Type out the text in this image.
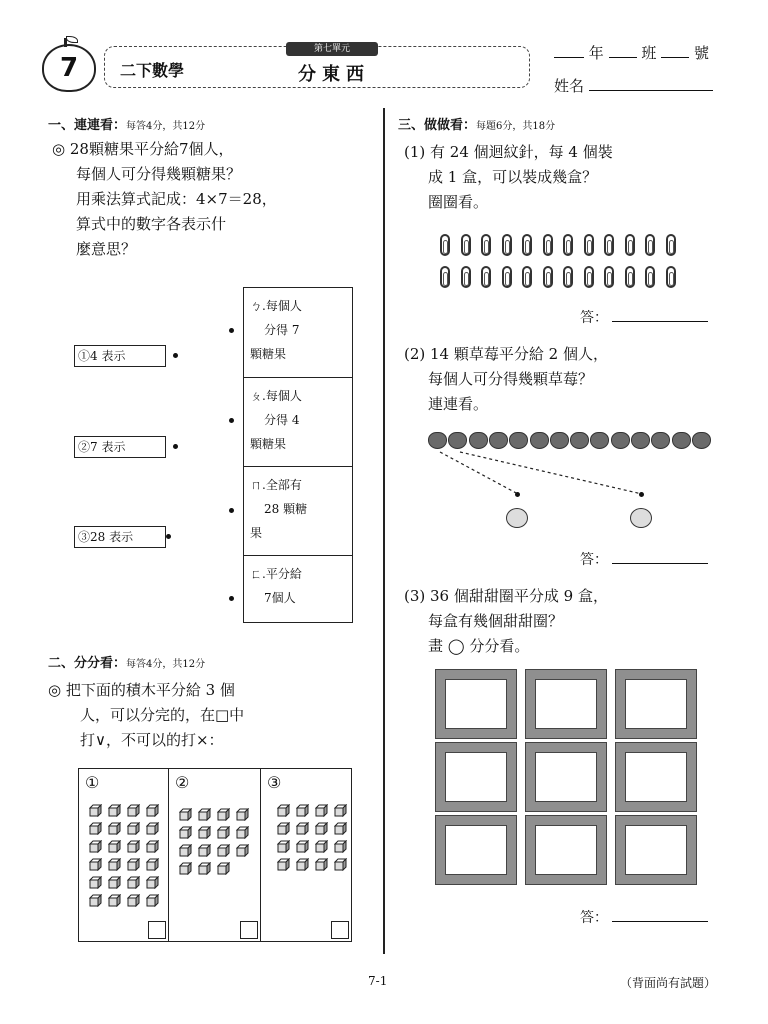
7
第七單元
二下數學	分東西
年	班	號
姓名
一、連連看：每答4分，共12分
◎ 28顆糖果平分給7個人，
每個人可分得幾顆糖果？
用乘法算式記成：4×7＝28，
算式中的數字各表示什
麼意思？
①4 表示
②7 表示
③28 表示
ㄅ.每個人
分得 7
顆糖果
ㄆ.每個人
分得 4
顆糖果
ㄇ.全部有
28 顆糖
果
ㄈ.平分給
7個人
二、分分看：每答4分，共12分
◎ 把下面的積木平分給 3 個
人，可以分完的，在□中
打∨，不可以的打×：
①	②	③
三、做做看：每題6分，共18分
(1) 有 24 個迴紋針，每 4 個裝
成 1 盒，可以裝成幾盒？
圈圈看。
答：
(2) 14 顆草莓平分給 2 個人，
每個人可分得幾顆草莓？
連連看。
答：
(3) 36 個甜甜圈平分成 9 盒，
每盒有幾個甜甜圈？
畫 ◯ 分分看。
答：
7-1	（背面尚有試題）
